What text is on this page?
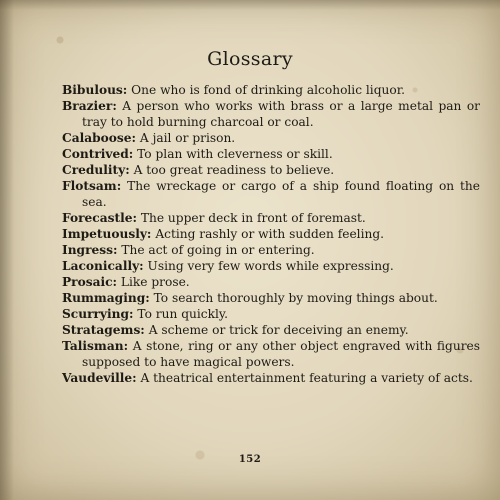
Glossary

Bibulous: One who is fond of drinking alcoholic liquor.

Brazier: A person who works with brass or a large metal pan or tray to hold burning charcoal or coal.

Calaboose: A jail or prison.

Contrived: To plan with cleverness or skill.

Credulity: A too great readiness to believe.

Flotsam: The wreckage or cargo of a ship found floating on the sea.

Forecastle: The upper deck in front of foremast.

Impetuously: Acting rashly or with sudden feeling.

Ingress: The act of going in or entering.

Laconically: Using very few words while expressing.

Prosaic: Like prose.

Rummaging: To search thoroughly by moving things about.

Scurrying: To run quickly.

Stratagems: A scheme or trick for deceiving an enemy.

Talisman: A stone, ring or any other object engraved with figures supposed to have magical powers.

Vaudeville: A theatrical entertainment featuring a variety of acts.

152
